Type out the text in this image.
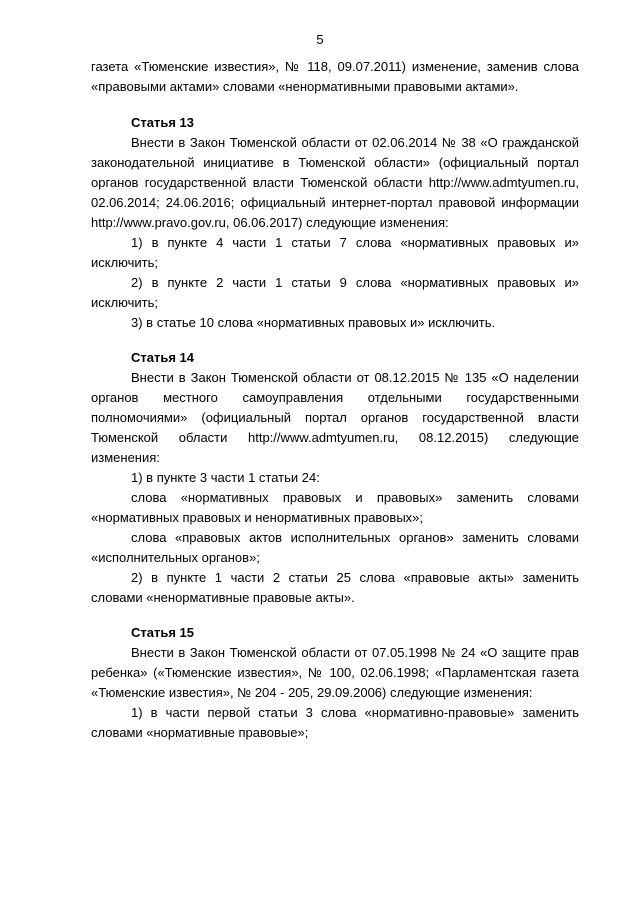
5

газета «Тюменские известия», № 118, 09.07.2011) изменение, заменив слова

«правовыми актами» словами «ненормативными правовыми актами».

Статья 13

Внести в Закон Тюменской области от 02.06.2014 № 38 «О гражданской законодательной инициативе в Тюменской области» (официальный портал органов государственной власти Тюменской области http://www.admtyumen.ru, 02.06.2014; 24.06.2016; официальный интернет-портал правовой информации http://www.pravo.gov.ru, 06.06.2017) следующие изменения:

1) в пункте 4 части 1 статьи 7 слова «нормативных правовых и» исключить;

2) в пункте 2 части 1 статьи 9 слова «нормативных правовых и» исключить;

3) в статье 10 слова «нормативных правовых и» исключить.

Статья 14

Внести в Закон Тюменской области от 08.12.2015 № 135 «О наделении органов местного самоуправления отдельными государственными полномочиями» (официальный портал органов государственной власти Тюменской области http://www.admtyumen.ru, 08.12.2015) следующие изменения:

1) в пункте 3 части 1 статьи 24:

слова «нормативных правовых и правовых» заменить словами «нормативных правовых и ненормативных правовых»;

слова «правовых актов исполнительных органов» заменить словами «исполнительных органов»;

2) в пункте 1 части 2 статьи 25 слова «правовые акты» заменить словами «ненормативные правовые акты».

Статья 15

Внести в Закон Тюменской области от 07.05.1998 № 24 «О защите прав ребенка» («Тюменские известия», № 100, 02.06.1998; «Парламентская газета «Тюменские известия», № 204 - 205, 29.09.2006) следующие изменения:

1) в части первой статьи 3 слова «нормативно-правовые» заменить словами «нормативные правовые»;
